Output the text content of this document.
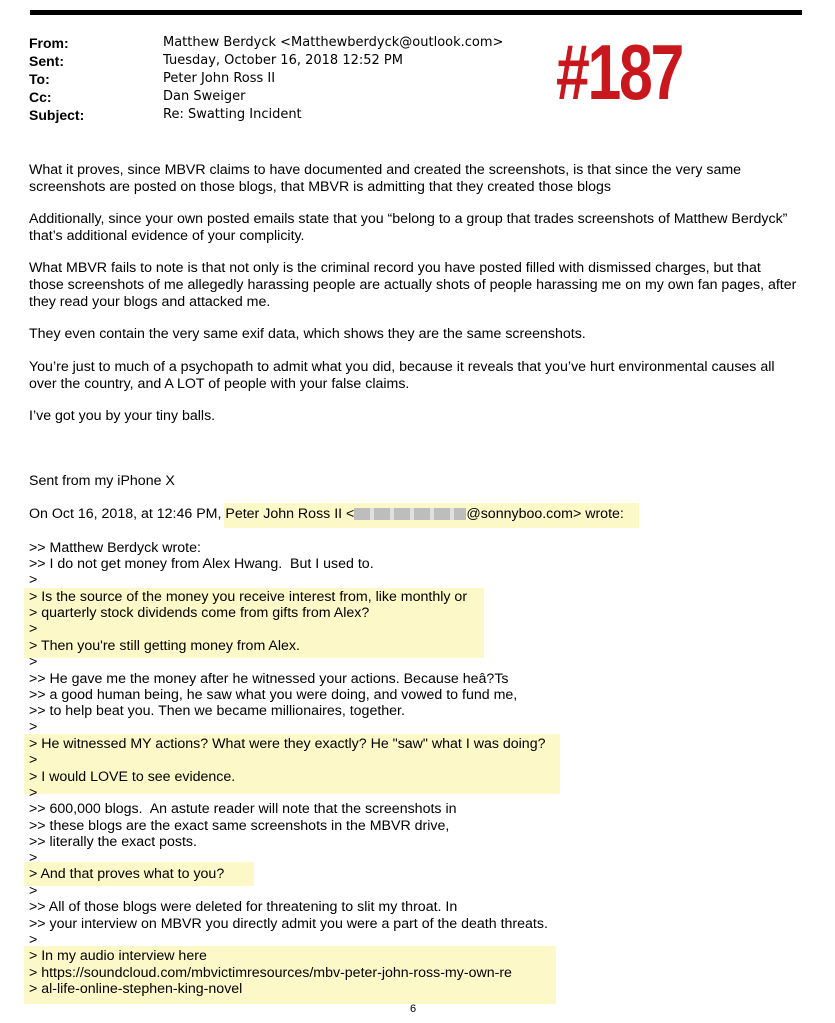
From:	Matthew Berdyck <Matthewberdyck@outlook.com>
Sent:	Tuesday, October 16, 2018 12:52 PM
To:	Peter John Ross II
Cc:	Dan Sweiger
Subject:	Re: Swatting Incident	#187
What it proves, since MBVR claims to have documented and created the screenshots, is that since the very same screenshots are posted on those blogs, that MBVR is admitting that they created those blogs
Additionally, since your own posted emails state that you “belong to a group that trades screenshots of Matthew Berdyck” that’s additional evidence of your complicity.
What MBVR fails to note is that not only is the criminal record you have posted filled with dismissed charges, but that those screenshots of me allegedly harassing people are actually shots of people harassing me on my own fan pages, after they read your blogs and attacked me.
They even contain the very same exif data, which shows they are the same screenshots.
You’re just to much of a psychopath to admit what you did, because it reveals that you’ve hurt environmental causes all over the country, and A LOT of people with your false claims.
I’ve got you by your tiny balls.
Sent from my iPhone X
On Oct 16, 2018, at 12:46 PM, Peter John Ross II <	@sonnyboo.com> wrote:
>> Matthew Berdyck wrote:
>> I do not get money from Alex Hwang.  But I used to.
>
> Is the source of the money you receive interest from, like monthly or
> quarterly stock dividends come from gifts from Alex?
>
> Then you're still getting money from Alex.
>
>> He gave me the money after he witnessed your actions. Because heâ?Ts
>> a good human being, he saw what you were doing, and vowed to fund me,
>> to help beat you. Then we became millionaires, together.
>
> He witnessed MY actions? What were they exactly? He "saw" what I was doing?
>
> I would LOVE to see evidence.
>
>> 600,000 blogs.  An astute reader will note that the screenshots in
>> these blogs are the exact same screenshots in the MBVR drive,
>> literally the exact posts.
>
> And that proves what to you?
>
>> All of those blogs were deleted for threatening to slit my throat. In
>> your interview on MBVR you directly admit you were a part of the death threats.
>
> In my audio interview here
> https://soundcloud.com/mbvictimresources/mbv-peter-john-ross-my-own-re
> al-life-online-stephen-king-novel
6
